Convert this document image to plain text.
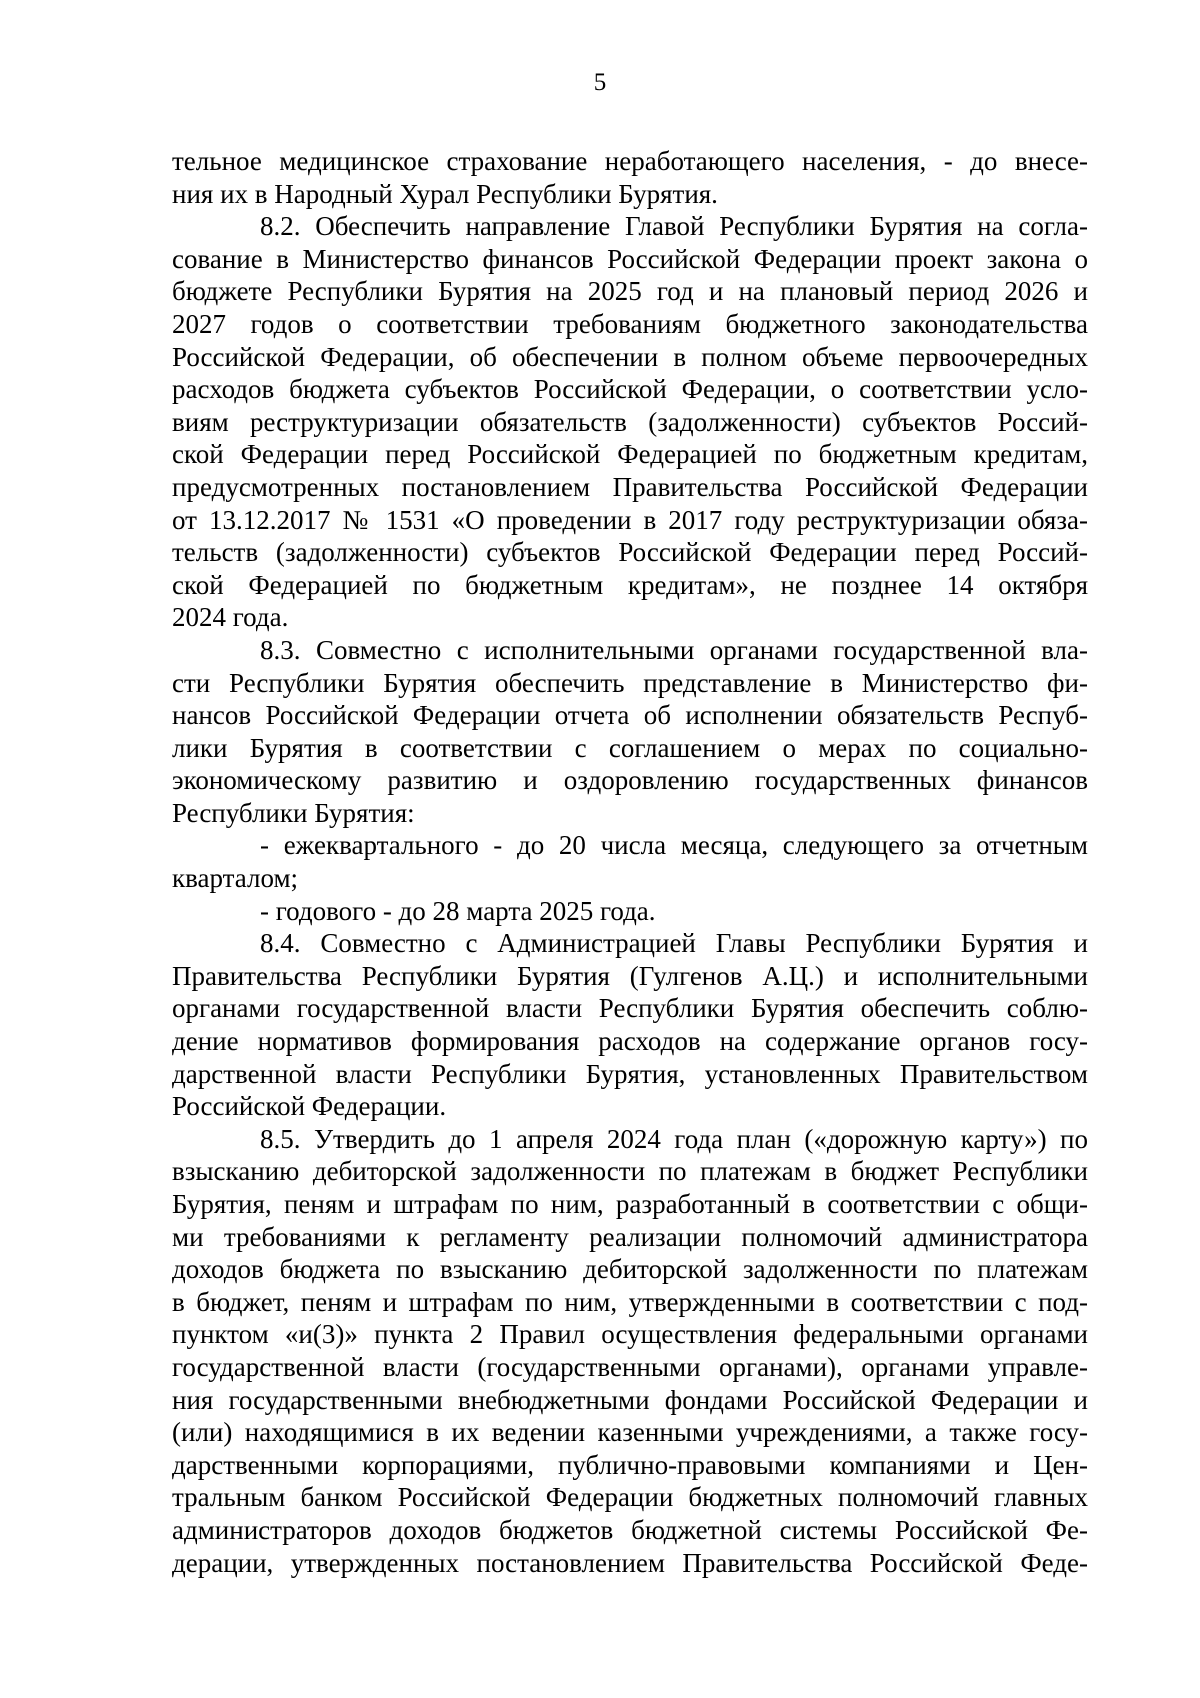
5
тельное медицинское страхование неработающего населения, - до внесе-
ния их в Народный Хурал Республики Бурятия.
8.2. Обеспечить направление Главой Республики Бурятия на согла-
сование в Министерство финансов Российской Федерации проект закона о
бюджете Республики Бурятия на 2025 год и на плановый период 2026 и
2027 годов о соответствии требованиям бюджетного законодательства
Российской Федерации, об обеспечении в полном объеме первоочередных
расходов бюджета субъектов Российской Федерации, о соответствии усло-
виям реструктуризации обязательств (задолженности) субъектов Россий-
ской Федерации перед Российской Федерацией по бюджетным кредитам,
предусмотренных постановлением Правительства Российской Федерации
от 13.12.2017 № 1531 «О проведении в 2017 году реструктуризации обяза-
тельств (задолженности) субъектов Российской Федерации перед Россий-
ской Федерацией по бюджетным кредитам», не позднее 14 октября
2024 года.
8.3. Совместно с исполнительными органами государственной вла-
сти Республики Бурятия обеспечить представление в Министерство фи-
нансов Российской Федерации отчета об исполнении обязательств Респуб-
лики Бурятия в соответствии с соглашением о мерах по социально-
экономическому развитию и оздоровлению государственных финансов
Республики Бурятия:
- ежеквартального - до 20 числа месяца, следующего за отчетным
кварталом;
- годового - до 28 марта 2025 года.
8.4. Совместно с Администрацией Главы Республики Бурятия и
Правительства Республики Бурятия (Гулгенов А.Ц.) и исполнительными
органами государственной власти Республики Бурятия обеспечить соблю-
дение нормативов формирования расходов на содержание органов госу-
дарственной власти Республики Бурятия, установленных Правительством
Российской Федерации.
8.5. Утвердить до 1 апреля 2024 года план («дорожную карту») по
взысканию дебиторской задолженности по платежам в бюджет Республики
Бурятия, пеням и штрафам по ним, разработанный в соответствии с общи-
ми требованиями к регламенту реализации полномочий администратора
доходов бюджета по взысканию дебиторской задолженности по платежам
в бюджет, пеням и штрафам по ним, утвержденными в соответствии с под-
пунктом «и(3)» пункта 2 Правил осуществления федеральными органами
государственной власти (государственными органами), органами управле-
ния государственными внебюджетными фондами Российской Федерации и
(или) находящимися в их ведении казенными учреждениями, а также госу-
дарственными корпорациями, публично-правовыми компаниями и Цен-
тральным банком Российской Федерации бюджетных полномочий главных
администраторов доходов бюджетов бюджетной системы Российской Фе-
дерации, утвержденных постановлением Правительства Российской Феде-
